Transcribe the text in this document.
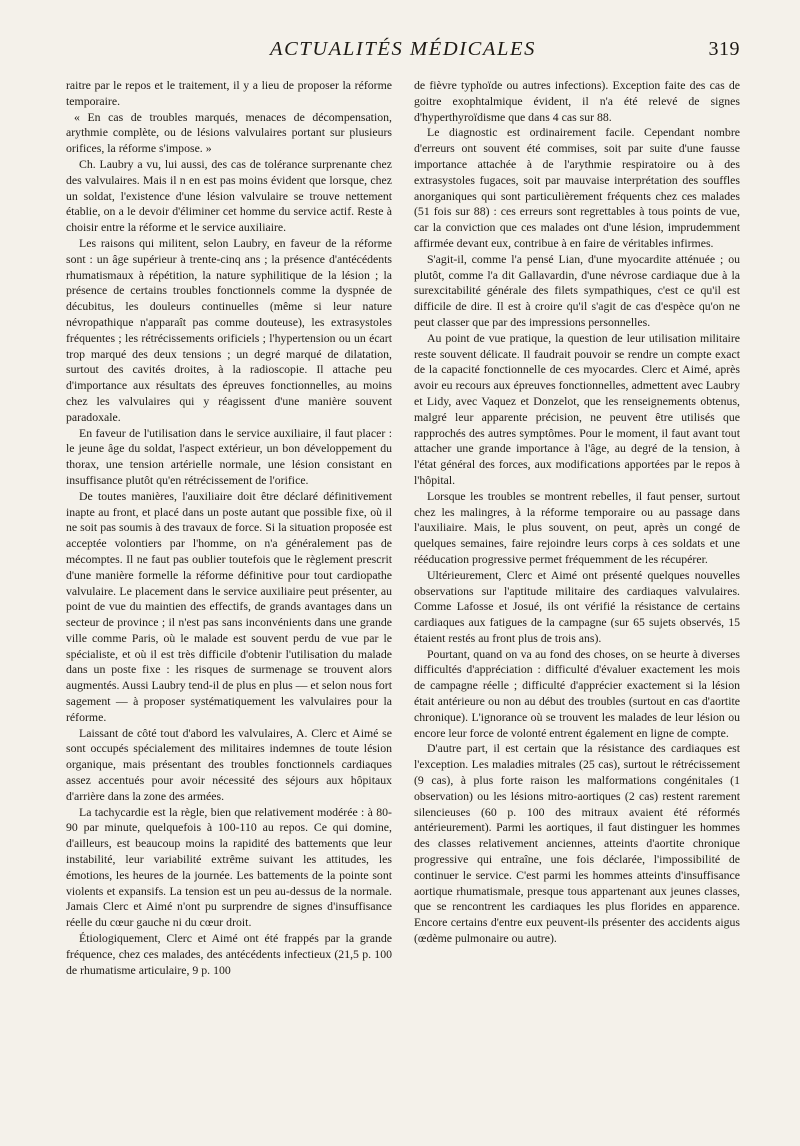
ACTUALITÉS MÉDICALES	319

raitre par le repos et le traitement, il y a lieu de proposer la réforme temporaire.

« En cas de troubles marqués, menaces de décompensation, arythmie complète, ou de lésions valvulaires portant sur plusieurs orifices, la réforme s'impose. »

Ch. Laubry a vu, lui aussi, des cas de tolérance surprenante chez des valvulaires. Mais il n en est pas moins évident que lorsque, chez un soldat, l'existence d'une lésion valvulaire se trouve nettement établie, on a le devoir d'éliminer cet homme du service actif. Reste à choisir entre la réforme et le service auxiliaire.

Les raisons qui militent, selon Laubry, en faveur de la réforme sont : un âge supérieur à trente-cinq ans ; la présence d'antécédents rhumatismaux à répétition, la nature syphilitique de la lésion ; la présence de certains troubles fonctionnels comme la dyspnée de décubitus, les douleurs continuelles (même si leur nature névropathique n'apparaît pas comme douteuse), les extrasystoles fréquentes ; les rétrécissements orificiels ; l'hypertension ou un écart trop marqué des deux tensions ; un degré marqué de dilatation, surtout des cavités droites, à la radioscopie. Il attache peu d'importance aux résultats des épreuves fonctionnelles, au moins chez les valvulaires qui y réagissent d'une manière souvent paradoxale.

En faveur de l'utilisation dans le service auxiliaire, il faut placer : le jeune âge du soldat, l'aspect extérieur, un bon développement du thorax, une tension artérielle normale, une lésion consistant en insuffisance plutôt qu'en rétrécissement de l'orifice.

De toutes manières, l'auxiliaire doit être déclaré définitivement inapte au front, et placé dans un poste autant que possible fixe, où il ne soit pas soumis à des travaux de force. Si la situation proposée est acceptée volontiers par l'homme, on n'a généralement pas de mécomptes. Il ne faut pas oublier toutefois que le règlement prescrit d'une manière formelle la réforme définitive pour tout cardiopathe valvulaire. Le placement dans le service auxiliaire peut présenter, au point de vue du maintien des effectifs, de grands avantages dans un secteur de province ; il n'est pas sans inconvénients dans une grande ville comme Paris, où le malade est souvent perdu de vue par le spécialiste, et où il est très difficile d'obtenir l'utilisation du malade dans un poste fixe : les risques de surmenage se trouvent alors augmentés. Aussi Laubry tend-il de plus en plus — et selon nous fort sagement — à proposer systématiquement les valvulaires pour la réforme.

Laissant de côté tout d'abord les valvulaires, A. Clerc et Aimé se sont occupés spécialement des militaires indemnes de toute lésion organique, mais présentant des troubles fonctionnels cardiaques assez accentués pour avoir nécessité des séjours aux hôpitaux d'arrière dans la zone des armées.

La tachycardie est la règle, bien que relativement modérée : à 80-90 par minute, quelquefois à 100-110 au repos. Ce qui domine, d'ailleurs, est beaucoup moins la rapidité des battements que leur instabilité, leur variabilité extrême suivant les attitudes, les émotions, les heures de la journée. Les battements de la pointe sont violents et expansifs. La tension est un peu au-dessus de la normale. Jamais Clerc et Aimé n'ont pu surprendre de signes d'insuffisance réelle du cœur gauche ni du cœur droit.

Étiologiquement, Clerc et Aimé ont été frappés par la grande fréquence, chez ces malades, des antécédents infectieux (21,5 p. 100 de rhumatisme articulaire, 9 p. 100

de fièvre typhoïde ou autres infections). Exception faite des cas de goitre exophtalmique évident, il n'a été relevé de signes d'hyperthyroïdisme que dans 4 cas sur 88.

Le diagnostic est ordinairement facile. Cependant nombre d'erreurs ont souvent été commises, soit par suite d'une fausse importance attachée à de l'arythmie respiratoire ou à des extrasystoles fugaces, soit par mauvaise interprétation des souffles anorganiques qui sont particulièrement fréquents chez ces malades (51 fois sur 88) : ces erreurs sont regrettables à tous points de vue, car la conviction que ces malades ont d'une lésion, imprudemment affirmée devant eux, contribue à en faire de véritables infirmes.

S'agit-il, comme l'a pensé Lian, d'une myocardite atténuée ; ou plutôt, comme l'a dit Gallavardin, d'une névrose cardiaque due à la surexcitabilité générale des filets sympathiques, c'est ce qu'il est difficile de dire. Il est à croire qu'il s'agit de cas d'espèce qu'on ne peut classer que par des impressions personnelles.

Au point de vue pratique, la question de leur utilisation militaire reste souvent délicate. Il faudrait pouvoir se rendre un compte exact de la capacité fonctionnelle de ces myocardes. Clerc et Aimé, après avoir eu recours aux épreuves fonctionnelles, admettent avec Laubry et Lidy, avec Vaquez et Donzelot, que les renseignements obtenus, malgré leur apparente précision, ne peuvent être utilisés que rapprochés des autres symptômes. Pour le moment, il faut avant tout attacher une grande importance à l'âge, au degré de la tension, à l'état général des forces, aux modifications apportées par le repos à l'hôpital.

Lorsque les troubles se montrent rebelles, il faut penser, surtout chez les malingres, à la réforme temporaire ou au passage dans l'auxiliaire. Mais, le plus souvent, on peut, après un congé de quelques semaines, faire rejoindre leurs corps à ces soldats et une rééducation progressive permet fréquemment de les récupérer.

Ultérieurement, Clerc et Aimé ont présenté quelques nouvelles observations sur l'aptitude militaire des cardiaques valvulaires. Comme Lafosse et Josué, ils ont vérifié la résistance de certains cardiaques aux fatigues de la campagne (sur 65 sujets observés, 15 étaient restés au front plus de trois ans).

Pourtant, quand on va au fond des choses, on se heurte à diverses difficultés d'appréciation : difficulté d'évaluer exactement les mois de campagne réelle ; difficulté d'apprécier exactement si la lésion était antérieure ou non au début des troubles (surtout en cas d'aortite chronique). L'ignorance où se trouvent les malades de leur lésion ou encore leur force de volonté entrent également en ligne de compte.

D'autre part, il est certain que la résistance des cardiaques est l'exception. Les maladies mitrales (25 cas), surtout le rétrécissement (9 cas), à plus forte raison les malformations congénitales (1 observation) ou les lésions mitro-aortiques (2 cas) restent rarement silencieuses (60 p. 100 des mitraux avaient été réformés antérieurement). Parmi les aortiques, il faut distinguer les hommes des classes relativement anciennes, atteints d'aortite chronique progressive qui entraîne, une fois déclarée, l'impossibilité de continuer le service. C'est parmi les hommes atteints d'insuffisance aortique rhumatismale, presque tous appartenant aux jeunes classes, que se rencontrent les cardiaques les plus florides en apparence. Encore certains d'entre eux peuvent-ils présenter des accidents aigus (œdème pulmonaire ou autre).
